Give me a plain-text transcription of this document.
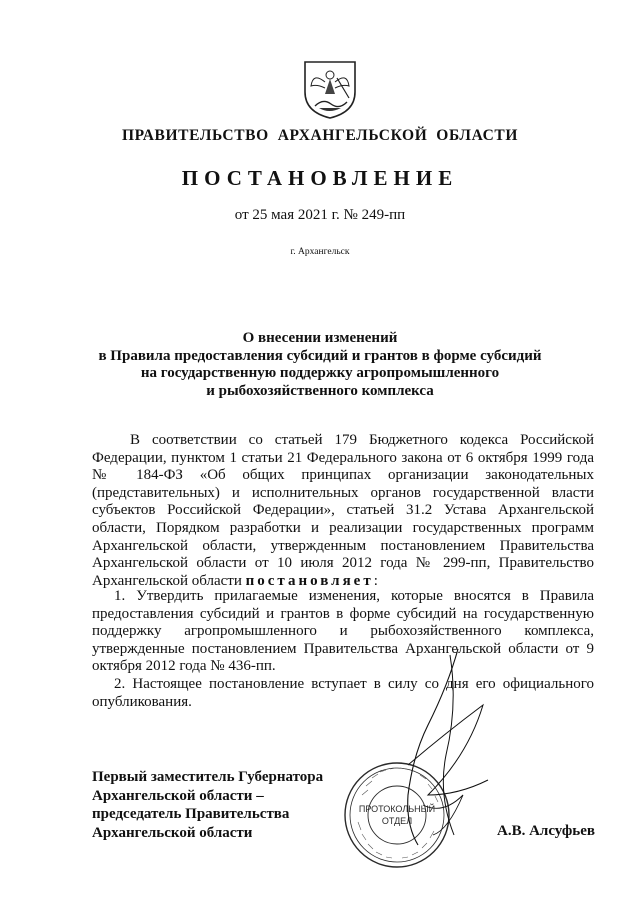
ПРАВИТЕЛЬСТВО  АРХАНГЕЛЬСКОЙ  ОБЛАСТИ
ПОСТАНОВЛЕНИЕ
от 25 мая 2021 г. № 249-пп
г. Архангельск
О внесении изменений
в Правила предоставления субсидий и грантов в форме субсидий
на государственную поддержку агропромышленного
и рыбохозяйственного комплекса
В соответствии со статьей 179 Бюджетного кодекса Российской Федерации, пунктом 1 статьи 21 Федерального закона от 6 октября 1999 года № 184-ФЗ «Об общих принципах организации законодательных (представительных) и исполнительных органов государственной власти субъектов Российской Федерации», статьей 31.2 Устава Архангельской области, Порядком разработки и реализации государственных программ Архангельской области, утвержденным постановлением Правительства Архангельской области от 10 июля 2012 года № 299-пп, Правительство Архангельской области постановляет:
1. Утвердить прилагаемые изменения, которые вносятся в Правила предоставления субсидий и грантов в форме субсидий на государственную поддержку агропромышленного и рыбохозяйственного комплекса, утвержденные постановлением Правительства Архангельской области от 9 октября 2012 года № 436-пп.
2. Настоящее постановление вступает в силу со дня его официального опубликования.
ПРОТОКОЛЬНЫЙ
ОТДЕЛ
Первый заместитель Губернатора
Архангельской области –
председатель Правительства
Архангельской области	А.В. Алсуфьев
